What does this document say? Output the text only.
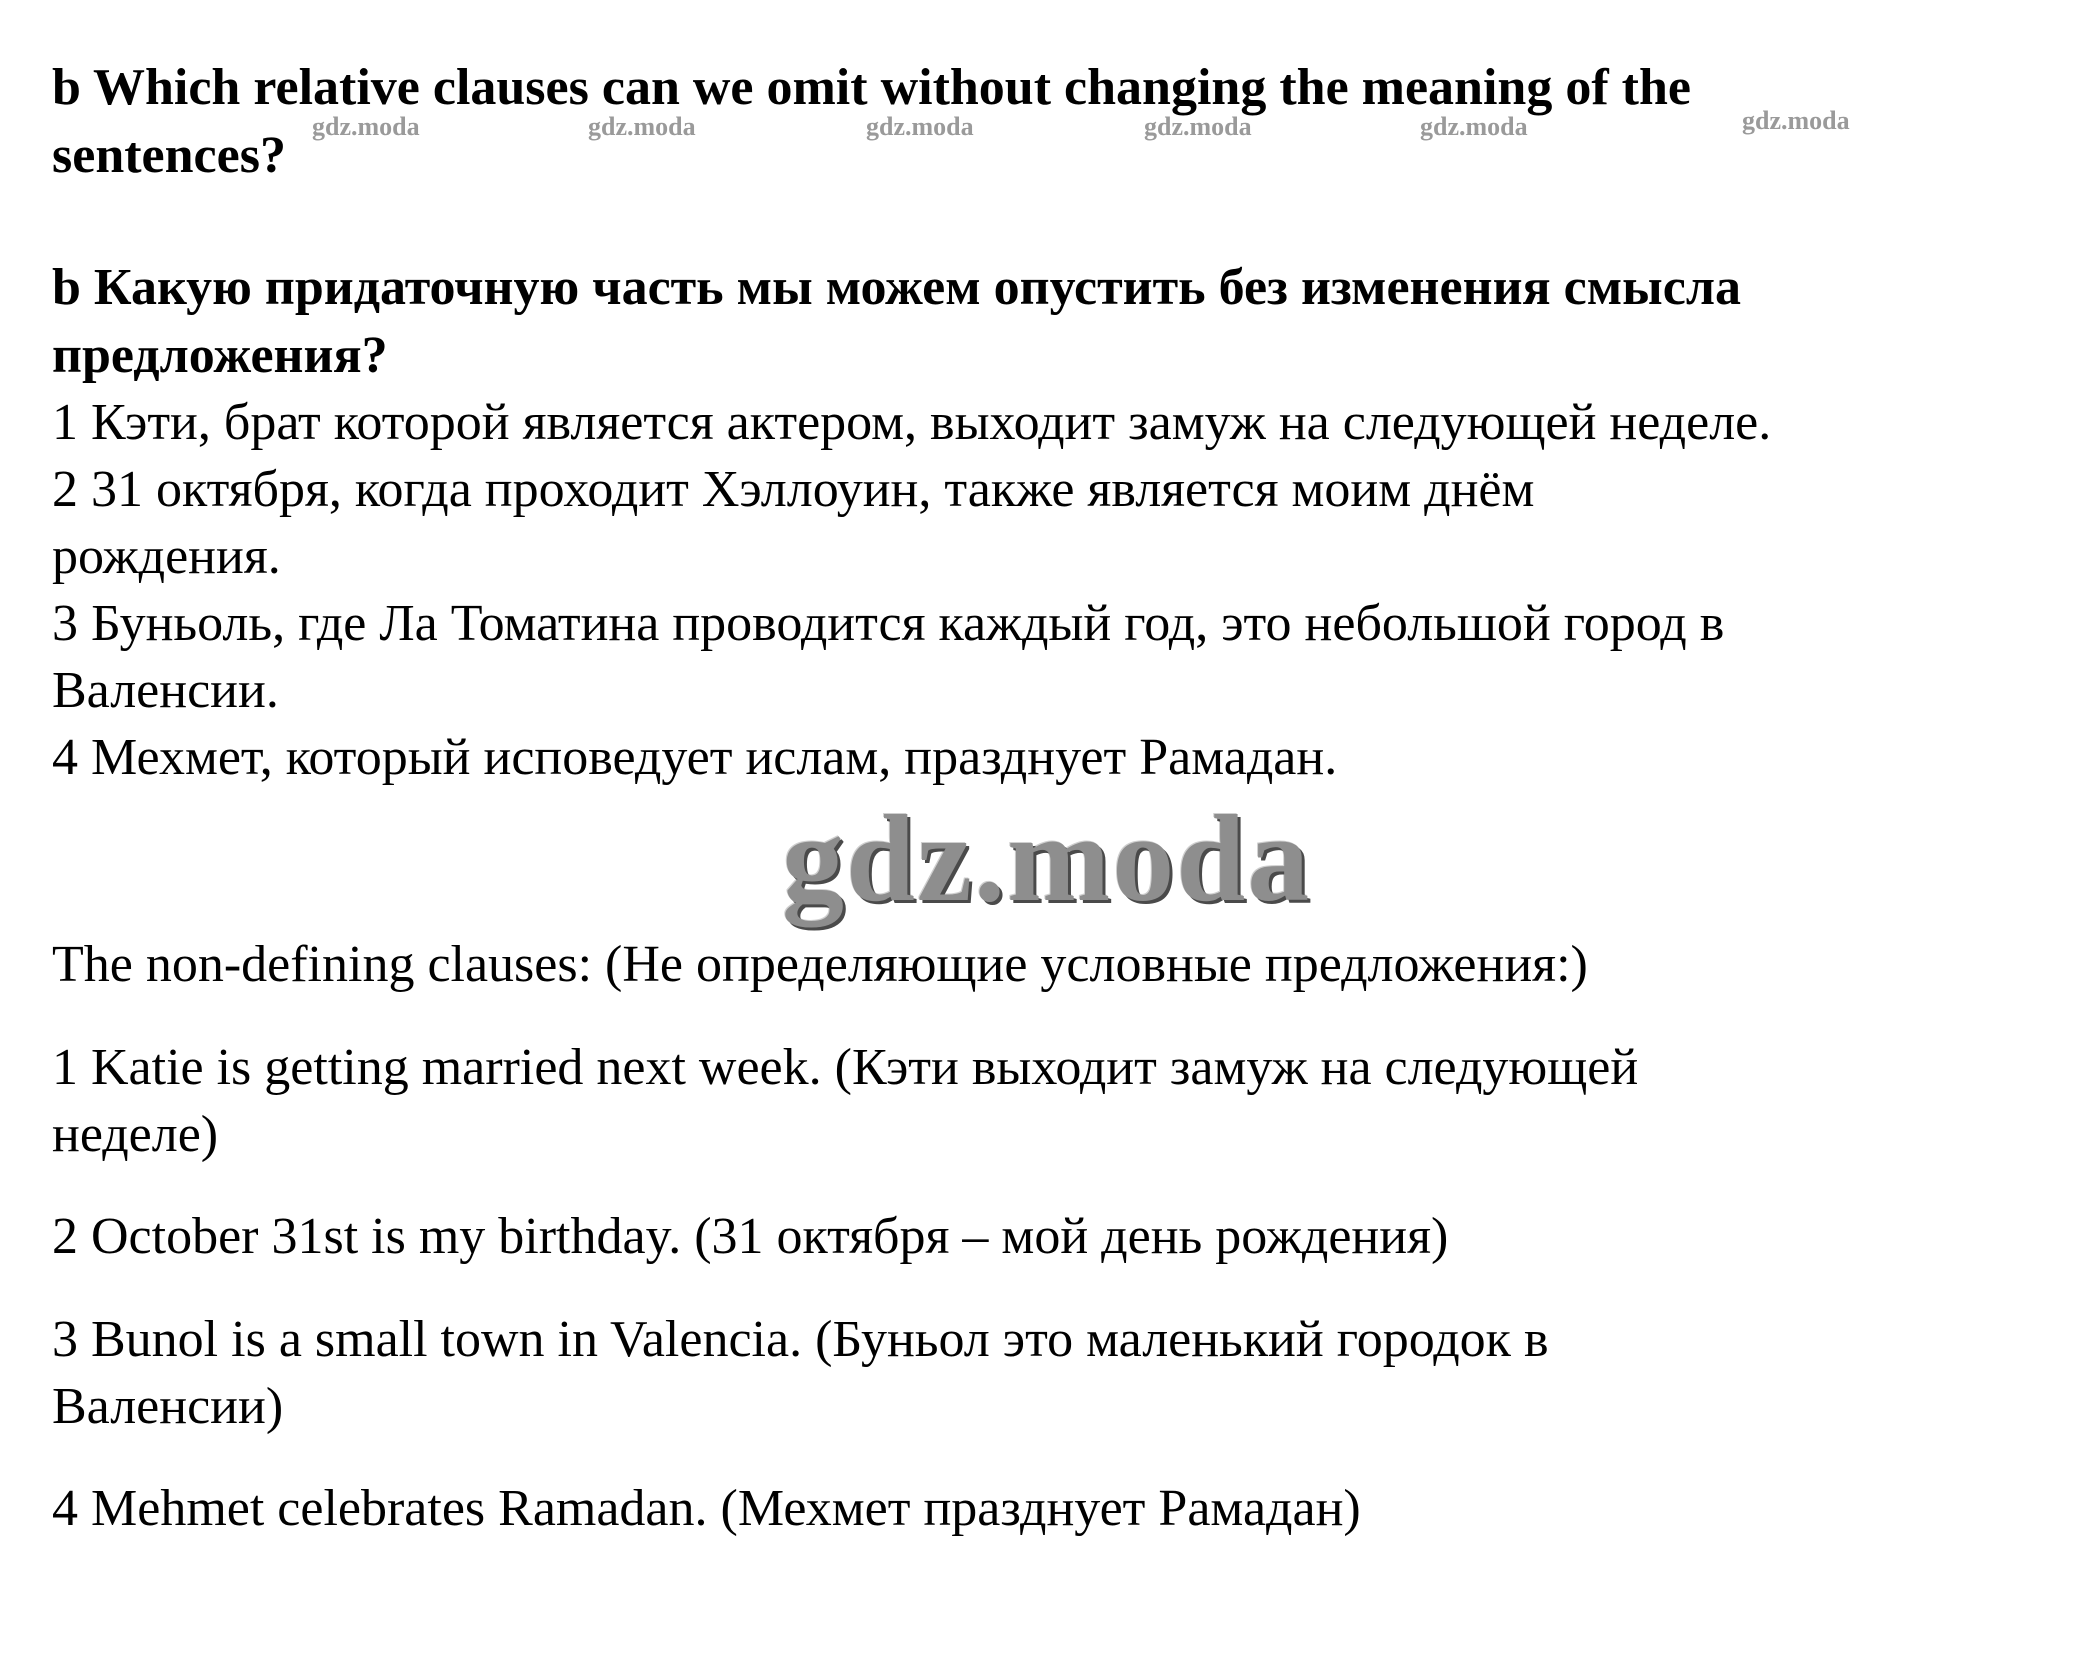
b Which relative clauses can we omit without changing the meaning of the
sentences?
gdz.moda	gdz.moda	gdz.moda	gdz.moda	gdz.moda	gdz.moda
b Какую придаточную часть мы можем опустить без изменения смысла
предложения?
1 Кэти, брат которой является актером, выходит замуж на следующей неделе.
2 31 октября, когда проходит Хэллоуин, также является моим днём
рождения.
3 Буньоль, где Ла Томатина проводится каждый год, это небольшой город в
Валенсии.
4 Мехмет, который исповедует ислам, празднует Рамадан.
gdz.moda
The non-defining clauses: (Не определяющие условные предложения:)
1 Katie is getting married next week. (Кэти выходит замуж на следующей
неделе)
2 October 31st is my birthday. (31 октября – мой день рождения)
3 Bunol is a small town in Valencia. (Буньол это маленький городок в
Валенсии)
4 Mehmet celebrates Ramadan. (Мехмет празднует Рамадан)
